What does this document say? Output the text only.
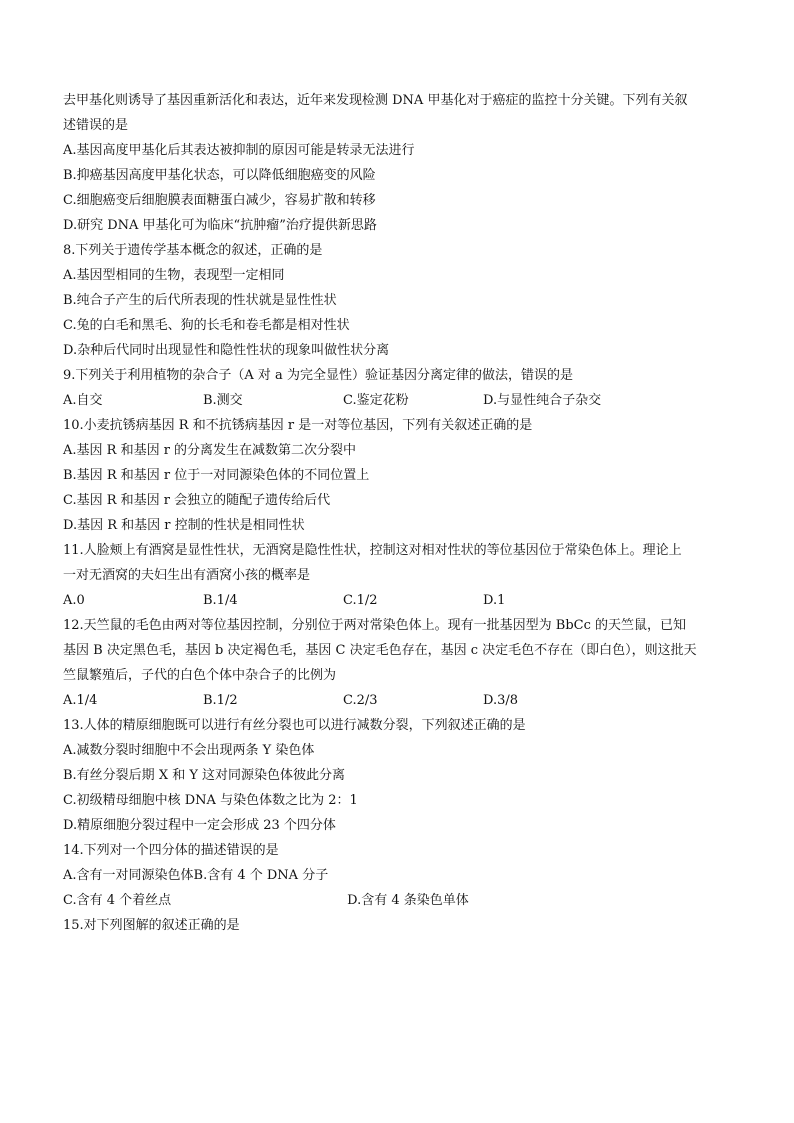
去甲基化则诱导了基因重新活化和表达，近年来发现检测 DNA 甲基化对于癌症的监控十分关键。下列有关叙
述错误的是
A.基因高度甲基化后其表达被抑制的原因可能是转录无法进行
B.抑癌基因高度甲基化状态，可以降低细胞癌变的风险
C.细胞癌变后细胞膜表面糖蛋白减少，容易扩散和转移
D.研究 DNA 甲基化可为临床“抗肿瘤”治疗提供新思路
8.下列关于遗传学基本概念的叙述，正确的是
A.基因型相同的生物，表现型一定相同
B.纯合子产生的后代所表现的性状就是显性性状
C.兔的白毛和黑毛、狗的长毛和卷毛都是相对性状
D.杂种后代同时出现显性和隐性性状的现象叫做性状分离
9.下列关于利用植物的杂合子（A 对 a 为完全显性）验证基因分离定律的做法，错误的是
A.自交	B.测交	C.鉴定花粉	D.与显性纯合子杂交
10.小麦抗锈病基因 R 和不抗锈病基因 r 是一对等位基因，下列有关叙述正确的是
A.基因 R 和基因 r 的分离发生在减数第二次分裂中
B.基因 R 和基因 r 位于一对同源染色体的不同位置上
C.基因 R 和基因 r 会独立的随配子遗传给后代
D.基因 R 和基因 r 控制的性状是相同性状
11.人脸颊上有酒窝是显性性状，无酒窝是隐性性状，控制这对相对性状的等位基因位于常染色体上。理论上
一对无酒窝的夫妇生出有酒窝小孩的概率是
A.0	B.1/4	C.1/2	D.1
12.天竺鼠的毛色由两对等位基因控制，分别位于两对常染色体上。现有一批基因型为 BbCc 的天竺鼠，已知
基因 B 决定黑色毛，基因 b 决定褐色毛，基因 C 决定毛色存在，基因 c 决定毛色不存在（即白色），则这批天
竺鼠繁殖后，子代的白色个体中杂合子的比例为
A.1/4	B.1/2	C.2/3	D.3/8
13.人体的精原细胞既可以进行有丝分裂也可以进行减数分裂，下列叙述正确的是
A.减数分裂时细胞中不会出现两条 Y 染色体
B.有丝分裂后期 X 和 Y 这对同源染色体彼此分离
C.初级精母细胞中核 DNA 与染色体数之比为 2：1
D.精原细胞分裂过程中一定会形成 23 个四分体
14.下列对一个四分体的描述错误的是
A.含有一对同源染色体B.含有 4 个 DNA 分子
C.含有 4 个着丝点	D.含有 4 条染色单体
15.对下列图解的叙述正确的是
